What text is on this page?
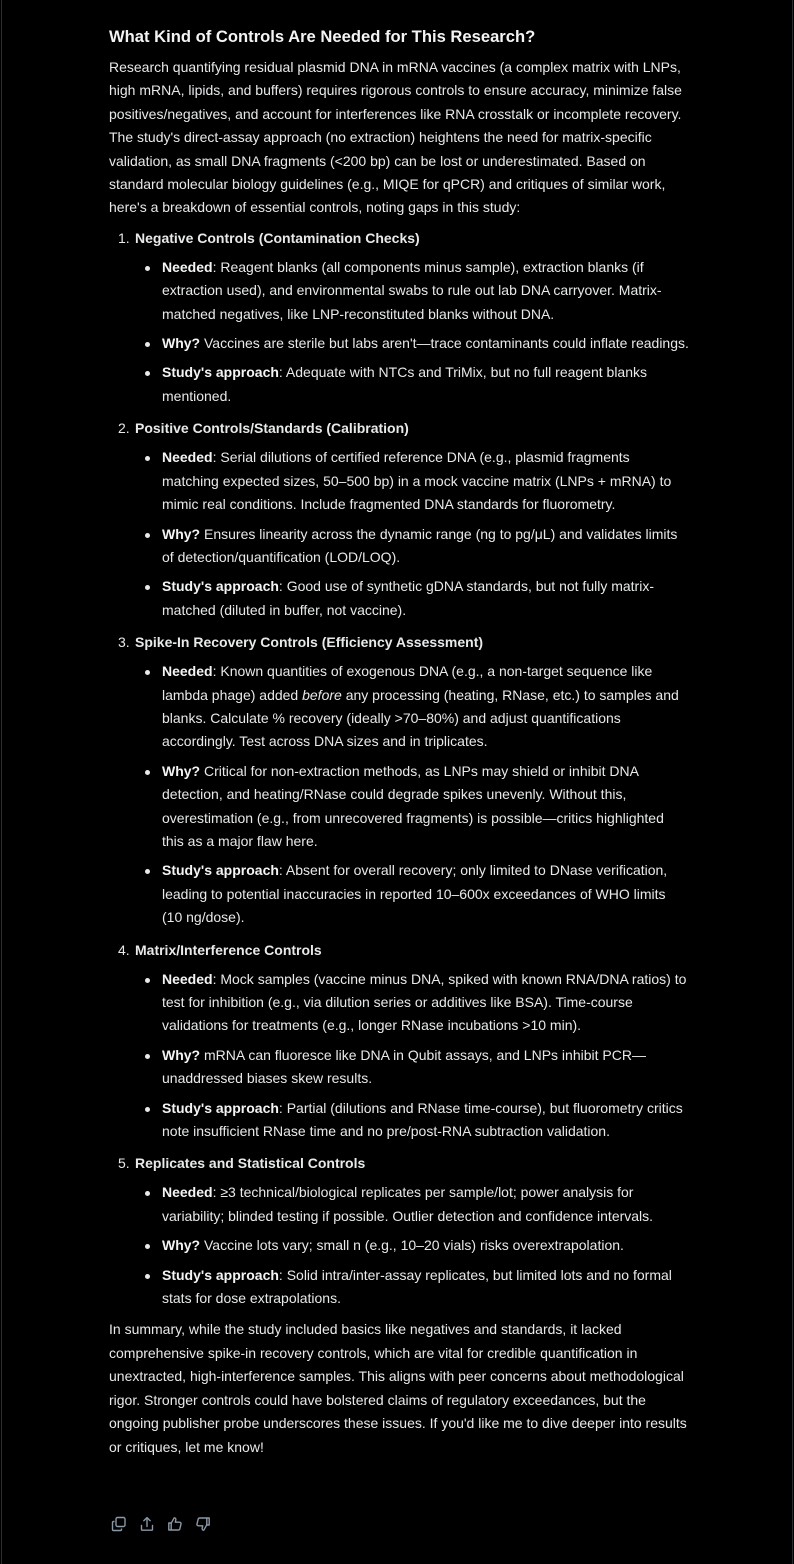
What Kind of Controls Are Needed for This Research?

Research quantifying residual plasmid DNA in mRNA vaccines (a complex matrix with LNPs, high mRNA, lipids, and buffers) requires rigorous controls to ensure accuracy, minimize false positives/negatives, and account for interferences like RNA crosstalk or incomplete recovery. The study's direct-assay approach (no extraction) heightens the need for matrix-specific validation, as small DNA fragments (<200 bp) can be lost or underestimated. Based on standard molecular biology guidelines (e.g., MIQE for qPCR) and critiques of similar work, here's a breakdown of essential controls, noting gaps in this study:

1. Negative Controls (Contamination Checks)
Needed: Reagent blanks (all components minus sample), extraction blanks (if extraction used), and environmental swabs to rule out lab DNA carryover. Matrix-matched negatives, like LNP-reconstituted blanks without DNA.
Why? Vaccines are sterile but labs aren't—trace contaminants could inflate readings.
Study's approach: Adequate with NTCs and TriMix, but no full reagent blanks mentioned.
2. Positive Controls/Standards (Calibration)
Needed: Serial dilutions of certified reference DNA (e.g., plasmid fragments matching expected sizes, 50–500 bp) in a mock vaccine matrix (LNPs + mRNA) to mimic real conditions. Include fragmented DNA standards for fluorometry.
Why? Ensures linearity across the dynamic range (ng to pg/μL) and validates limits of detection/quantification (LOD/LOQ).
Study's approach: Good use of synthetic gDNA standards, but not fully matrix-matched (diluted in buffer, not vaccine).
3. Spike-In Recovery Controls (Efficiency Assessment)
Needed: Known quantities of exogenous DNA (e.g., a non-target sequence like lambda phage) added before any processing (heating, RNase, etc.) to samples and blanks. Calculate % recovery (ideally >70–80%) and adjust quantifications accordingly. Test across DNA sizes and in triplicates.
Why? Critical for non-extraction methods, as LNPs may shield or inhibit DNA detection, and heating/RNase could degrade spikes unevenly. Without this, overestimation (e.g., from unrecovered fragments) is possible—critics highlighted this as a major flaw here.
Study's approach: Absent for overall recovery; only limited to DNase verification, leading to potential inaccuracies in reported 10–600x exceedances of WHO limits (10 ng/dose).
4. Matrix/Interference Controls
Needed: Mock samples (vaccine minus DNA, spiked with known RNA/DNA ratios) to test for inhibition (e.g., via dilution series or additives like BSA). Time-course validations for treatments (e.g., longer RNase incubations >10 min).
Why? mRNA can fluoresce like DNA in Qubit assays, and LNPs inhibit PCR—unaddressed biases skew results.
Study's approach: Partial (dilutions and RNase time-course), but fluorometry critics note insufficient RNase time and no pre/post-RNA subtraction validation.
5. Replicates and Statistical Controls
Needed: ≥3 technical/biological replicates per sample/lot; power analysis for variability; blinded testing if possible. Outlier detection and confidence intervals.
Why? Vaccine lots vary; small n (e.g., 10–20 vials) risks overextrapolation.
Study's approach: Solid intra/inter-assay replicates, but limited lots and no formal stats for dose extrapolations.

In summary, while the study included basics like negatives and standards, it lacked comprehensive spike-in recovery controls, which are vital for credible quantification in unextracted, high-interference samples. This aligns with peer concerns about methodological rigor. Stronger controls could have bolstered claims of regulatory exceedances, but the ongoing publisher probe underscores these issues. If you'd like me to dive deeper into results or critiques, let me know!
